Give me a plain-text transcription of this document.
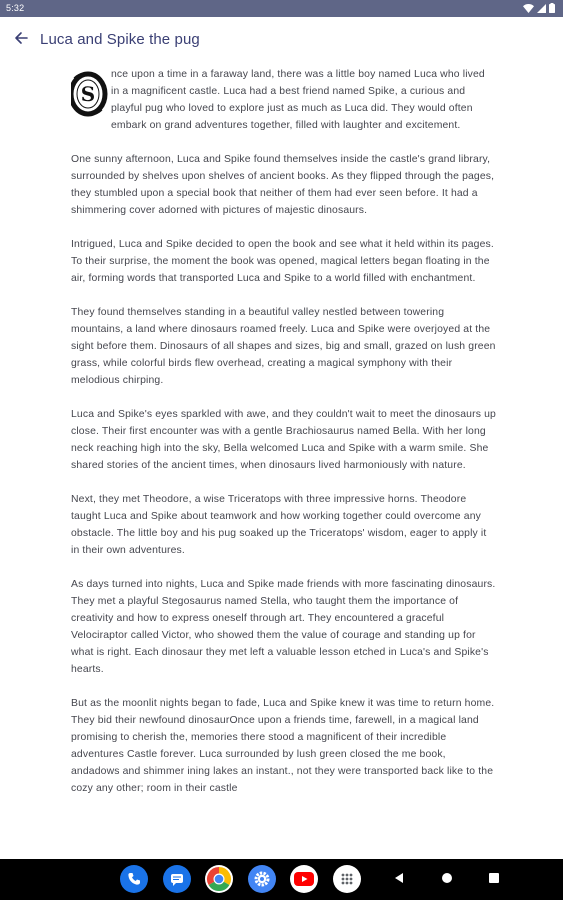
5:32
Luca and Spike the pug

S
nce upon a time in a faraway land, there was a little boy named Luca who lived in a magnificent castle. Luca had a best friend named Spike, a curious and playful pug who loved to explore just as much as Luca did. They would often embark on grand adventures together, filled with laughter and excitement.

One sunny afternoon, Luca and Spike found themselves inside the castle's grand library, surrounded by shelves upon shelves of ancient books. As they flipped through the pages, they stumbled upon a special book that neither of them had ever seen before. It had a shimmering cover adorned with pictures of majestic dinosaurs.

Intrigued, Luca and Spike decided to open the book and see what it held within its pages. To their surprise, the moment the book was opened, magical letters began floating in the air, forming words that transported Luca and Spike to a world filled with enchantment.

They found themselves standing in a beautiful valley nestled between towering mountains, a land where dinosaurs roamed freely. Luca and Spike were overjoyed at the sight before them. Dinosaurs of all shapes and sizes, big and small, grazed on lush green grass, while colorful birds flew overhead, creating a magical symphony with their melodious chirping.

Luca and Spike's eyes sparkled with awe, and they couldn't wait to meet the dinosaurs up close. Their first encounter was with a gentle Brachiosaurus named Bella. With her long neck reaching high into the sky, Bella welcomed Luca and Spike with a warm smile. She shared stories of the ancient times, when dinosaurs lived harmoniously with nature.

Next, they met Theodore, a wise Triceratops with three impressive horns. Theodore taught Luca and Spike about teamwork and how working together could overcome any obstacle. The little boy and his pug soaked up the Triceratops' wisdom, eager to apply it in their own adventures.

As days turned into nights, Luca and Spike made friends with more fascinating dinosaurs. They met a playful Stegosaurus named Stella, who taught them the importance of creativity and how to express oneself through art. They encountered a graceful Velociraptor called Victor, who showed them the value of courage and standing up for what is right. Each dinosaur they met left a valuable lesson etched in Luca's and Spike's hearts.

But as the moonlit nights began to fade, Luca and Spike knew it was time to return home. They bid their newfound dinosaurOnce upon a friends time, farewell, in a magical land promising to cherish the, memories there stood a magnificent of their incredible adventures Castle forever. Luca surrounded by lush green closed the me book, andadows and shimmer ining lakes an instant., not they were transported back like to the cozy any other; room in their castle
